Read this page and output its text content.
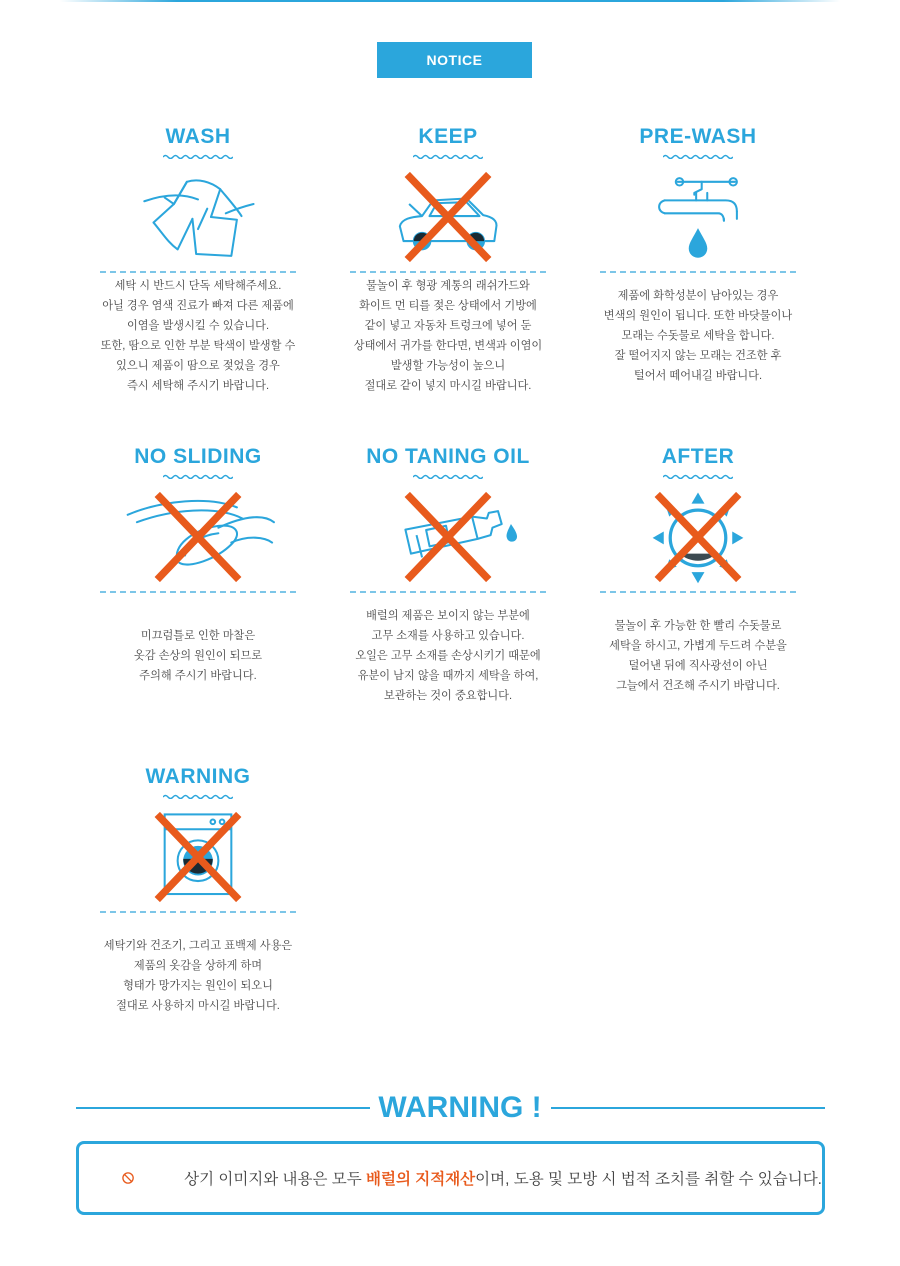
NOTICE
WASH
세탁 시 반드시 단독 세탁해주세요.
아닐 경우 염색 진료가 빠져 다른 제품에
이염을 발생시킬 수 있습니다.
또한, 땀으로 인한 부분 탁색이 발생할 수
있으니 제품이 땀으로 젖었을 경우
즉시 세탁해 주시기 바랍니다.
KEEP
물놀이 후 형광 계통의 래쉬가드와
화이트 먼 티를 젖은 상태에서 기방에
같이 넣고 자동차 트렁크에 넣어 둔
상태에서 귀가를 한다면, 변색과 이염이
발생할 가능성이 높으니
절대로 같이 넣지 마시길 바랍니다.
PRE-WASH
제품에 화학성분이 남아있는 경우
변색의 원인이 됩니다. 또한 바닷물이나
모래는 수돗물로 세탁을 합니다.
잘 떨어지지 않는 모래는 건조한 후
털어서 떼어내길 바랍니다.
NO SLIDING
미끄럼틀로 인한 마찰은
옷감 손상의 원인이 되므로
주의해 주시기 바랍니다.
NO TANING OIL
배럴의 제품은 보이지 않는 부분에
고무 소재를 사용하고 있습니다.
오일은 고무 소재를 손상시키기 때문에
유분이 남지 않을 때까지 세탁을 하여,
보관하는 것이 중요합니다.
AFTER
물놀이 후 가능한 한 빨리 수돗물로
세탁을 하시고, 가볍게 두드려 수분을
덜어낸 뒤에 직사광선이 아닌
그늘에서 건조해 주시기 바랍니다.
WARNING
세탁기와 건조기, 그리고 표백제 사용은
제품의 옷감을 상하게 하며
형태가 망가지는 원인이 되오니
절대로 사용하지 마시길 바랍니다.
WARNING !
상기 이미지와 내용은 모두 배럴의 지적재산이며, 도용 및 모방 시 법적 조치를 취할 수 있습니다.
